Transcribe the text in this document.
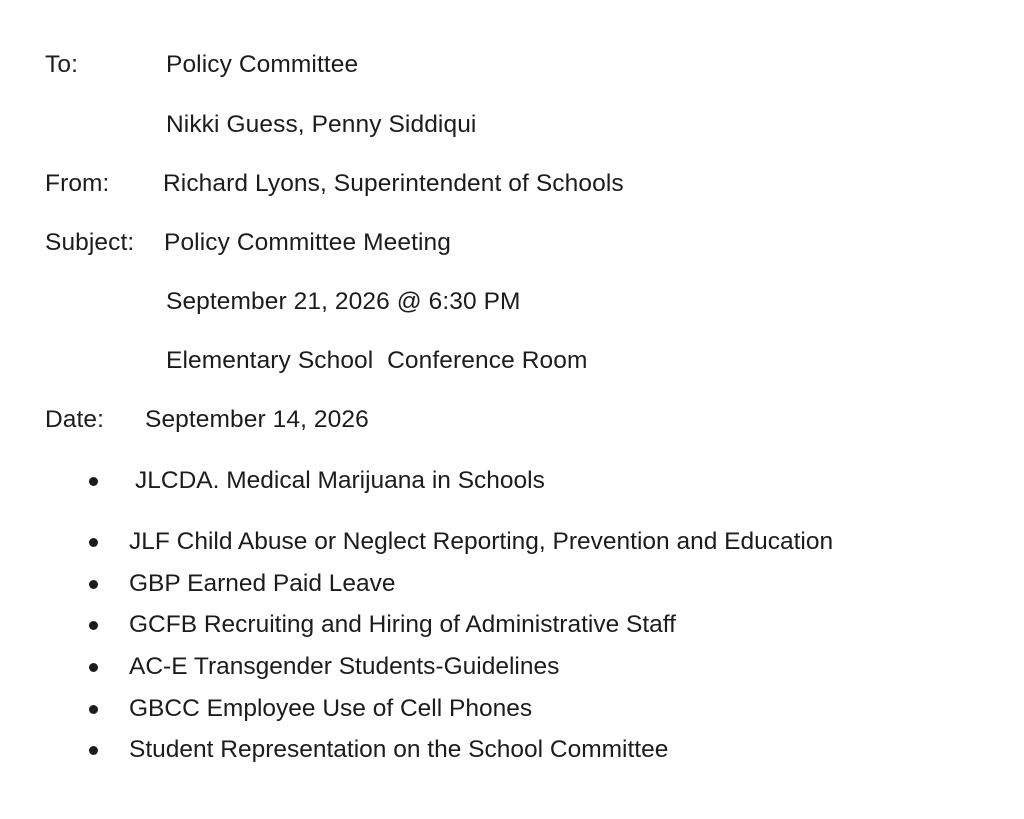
To:	Policy Committee
Nikki Guess, Penny Siddiqui
From: Richard Lyons, Superintendent of Schools
Subject: Policy Committee Meeting
September 21, 2026 @ 6:30 PM
Elementary School  Conference Room
Date: September 14, 2026
JLCDA. Medical Marijuana in Schools
JLF Child Abuse or Neglect Reporting, Prevention and Education
GBP Earned Paid Leave
GCFB Recruiting and Hiring of Administrative Staff
AC-E Transgender Students-Guidelines
GBCC Employee Use of Cell Phones
Student Representation on the School Committee
